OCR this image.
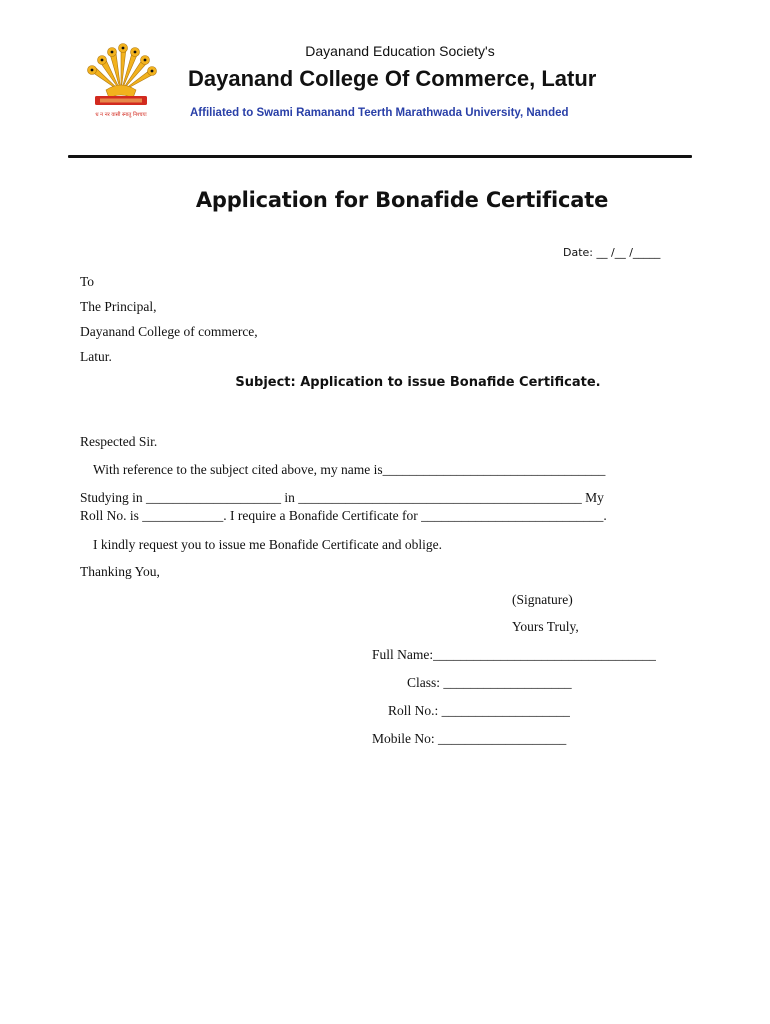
ध न नर वासी स्नातु निश्चयः
Dayanand Education Society's
Dayanand College Of Commerce, Latur
Affiliated to Swami Ramanand Teerth Marathwada University, Nanded
Application for Bonafide Certificate
Date: __ /__ /_____
To
The Principal,
Dayanand College of commerce,
Latur.
Subject: Application to issue Bonafide Certificate.
Respected Sir.
With reference to the subject cited above, my name is_________________________________
Studying in ____________________ in __________________________________________ My
Roll No. is ____________. I require a Bonafide Certificate for ___________________________.
I kindly request you to issue me Bonafide Certificate and oblige.
Thanking You,
(Signature)
Yours Truly,
Full Name:_________________________________
Class: ___________________
Roll No.: ___________________
Mobile No: ___________________
